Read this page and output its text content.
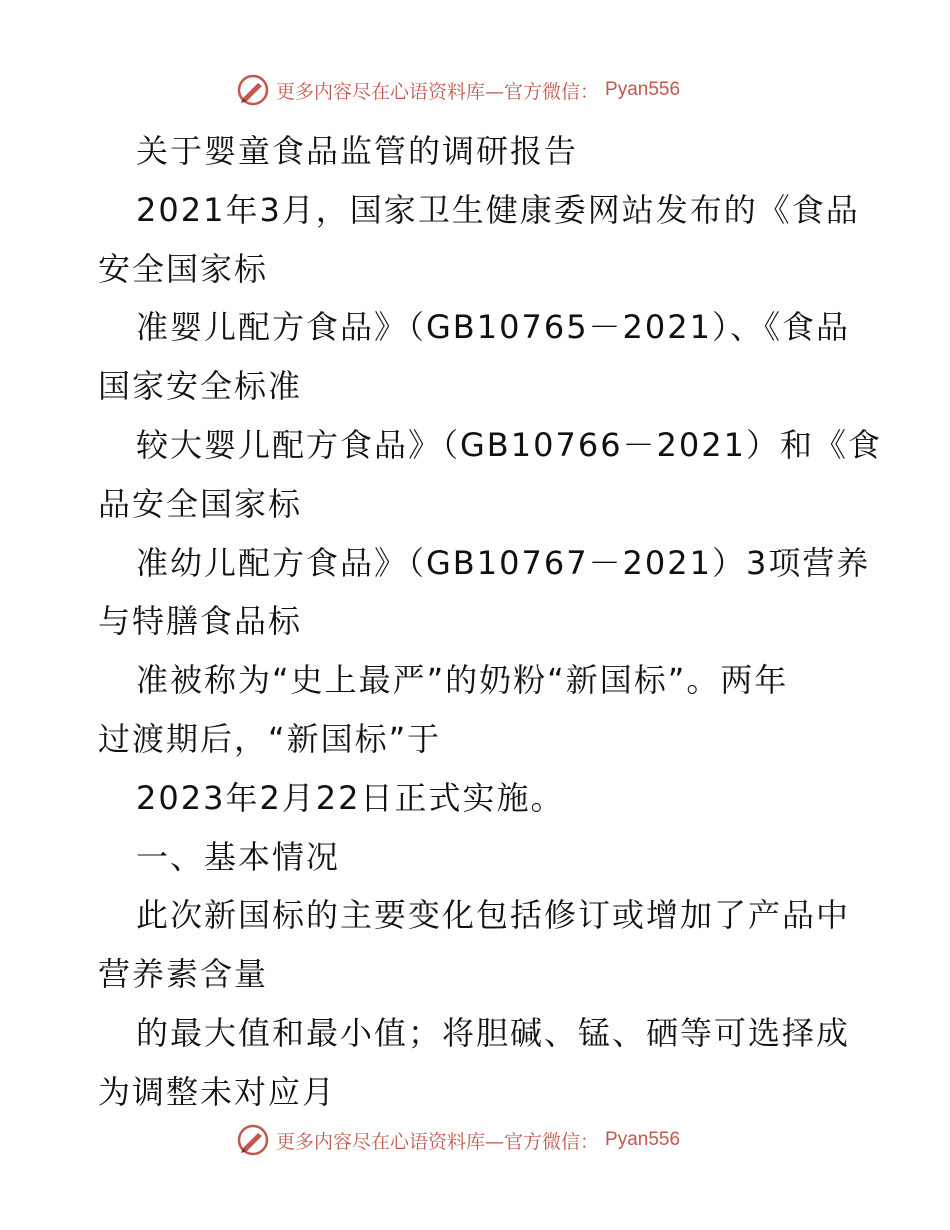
更多内容尽在心语资料库—官方微信： Pyan556
关于婴童食品监管的调研报告
2021年3月，国家卫生健康委网站发布的《食品
安全国家标
准婴儿配方食品》（GB10765－2021）、《食品
国家安全标准
较大婴儿配方食品》（GB10766－2021）和《食
品安全国家标
准幼儿配方食品》（GB10767－2021）3项营养
与特膳食品标
准被称为“史上最严”的奶粉“新国标”。两年
过渡期后，“新国标”于
2023年2月22日正式实施。
一、基本情况
此次新国标的主要变化包括修订或增加了产品中
营养素含量
的最大值和最小值；将胆碱、锰、硒等可选择成
为调整未对应月
更多内容尽在心语资料库—官方微信： Pyan556
